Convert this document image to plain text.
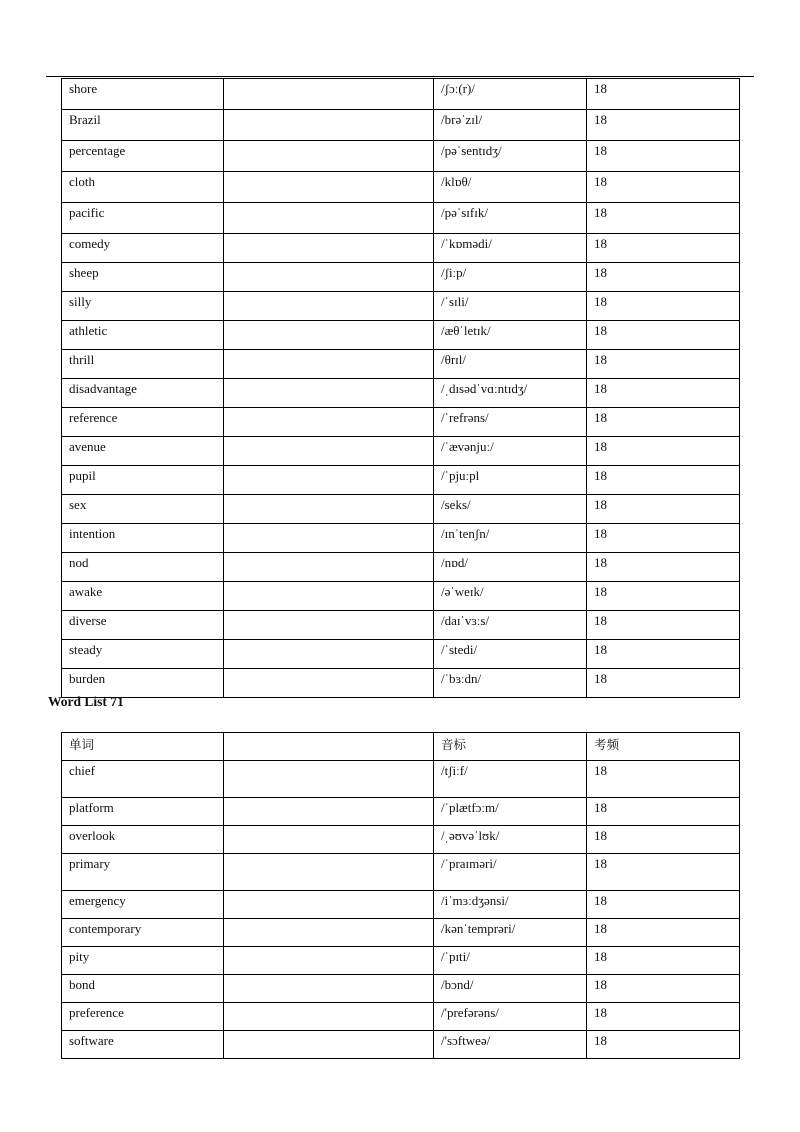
shore		/ʃɔː(r)/	18
Brazil		/brəˈzɪl/	18
percentage		/pəˈsentɪdʒ/	18
cloth		/klɒθ/	18
pacific		/pəˈsɪfɪk/	18
comedy		/ˈkɒmədi/	18
sheep		/ʃiːp/	18
silly		/ˈsɪli/	18
athletic		/æθˈletɪk/	18
thrill		/θrɪl/	18
disadvantage		/ˌdɪsədˈvɑːntɪdʒ/	18
reference		/ˈrefrəns/	18
avenue		/ˈævənjuː/	18
pupil		/ˈpjuːpl	18
sex		/seks/	18
intention		/ɪnˈtenʃn/	18
nod		/nɒd/	18
awake		/əˈweɪk/	18
diverse		/daɪˈvɜːs/	18
steady		/ˈstedi/	18
burden		/ˈbɜːdn/	18
Word List 71
单词		音标	考频
chief		/tʃiːf/	18
platform		/ˈplætfɔːm/	18
overlook		/ˌəʊvəˈlʊk/	18
primary		/ˈpraɪməri/	18
emergency		/iˈmɜːdʒənsi/	18
contemporary		/kənˈtemprəri/	18
pity		/ˈpɪti/	18
bond		/bɔnd/	18
preference		/'prefərəns/	18
software		/'sɔftweə/	18
